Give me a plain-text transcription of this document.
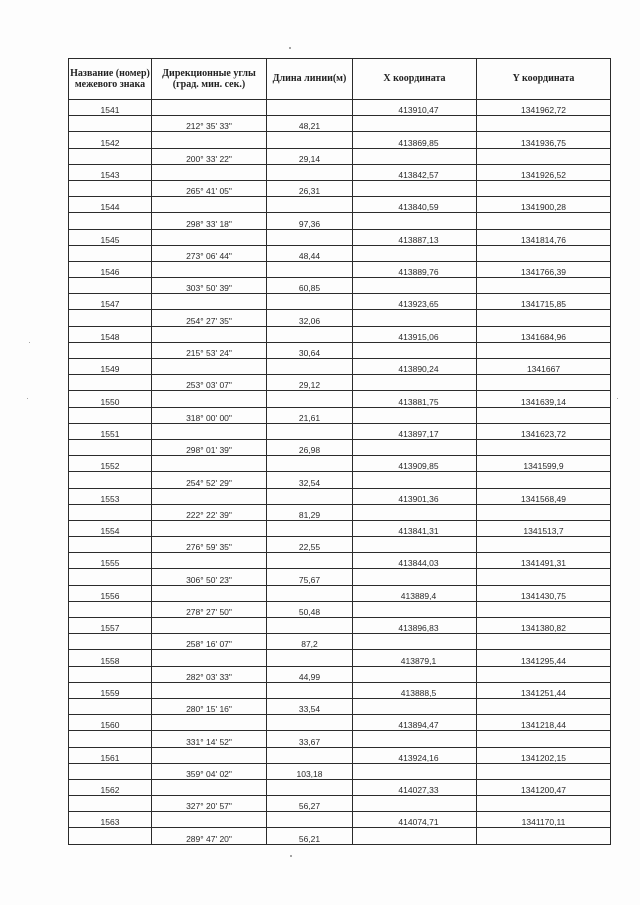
Название (номер) межевого знака	Дирекционные углы (град. мин. сек.)	Длина линии(м)	X координата	Y координата
1541			413910,47	1341962,72
	212° 35' 33"	48,21		
1542			413869,85	1341936,75
	200° 33' 22"	29,14		
1543			413842,57	1341926,52
	265° 41' 05"	26,31		
1544			413840,59	1341900,28
	298° 33' 18"	97,36		
1545			413887,13	1341814,76
	273° 06' 44"	48,44		
1546			413889,76	1341766,39
	303° 50' 39"	60,85		
1547			413923,65	1341715,85
	254° 27' 35"	32,06		
1548			413915,06	1341684,96
	215° 53' 24"	30,64		
1549			413890,24	1341667
	253° 03' 07"	29,12		
1550			413881,75	1341639,14
	318° 00' 00"	21,61		
1551			413897,17	1341623,72
	298° 01' 39"	26,98		
1552			413909,85	1341599,9
	254° 52' 29"	32,54		
1553			413901,36	1341568,49
	222° 22' 39"	81,29		
1554			413841,31	1341513,7
	276° 59' 35"	22,55		
1555			413844,03	1341491,31
	306° 50' 23"	75,67		
1556			413889,4	1341430,75
	278° 27' 50"	50,48		
1557			413896,83	1341380,82
	258° 16' 07"	87,2		
1558			413879,1	1341295,44
	282° 03' 33"	44,99		
1559			413888,5	1341251,44
	280° 15' 16"	33,54		
1560			413894,47	1341218,44
	331° 14' 52"	33,67		
1561			413924,16	1341202,15
	359° 04' 02"	103,18		
1562			414027,33	1341200,47
	327° 20' 57"	56,27		
1563			414074,71	1341170,11
	289° 47' 20"	56,21		
